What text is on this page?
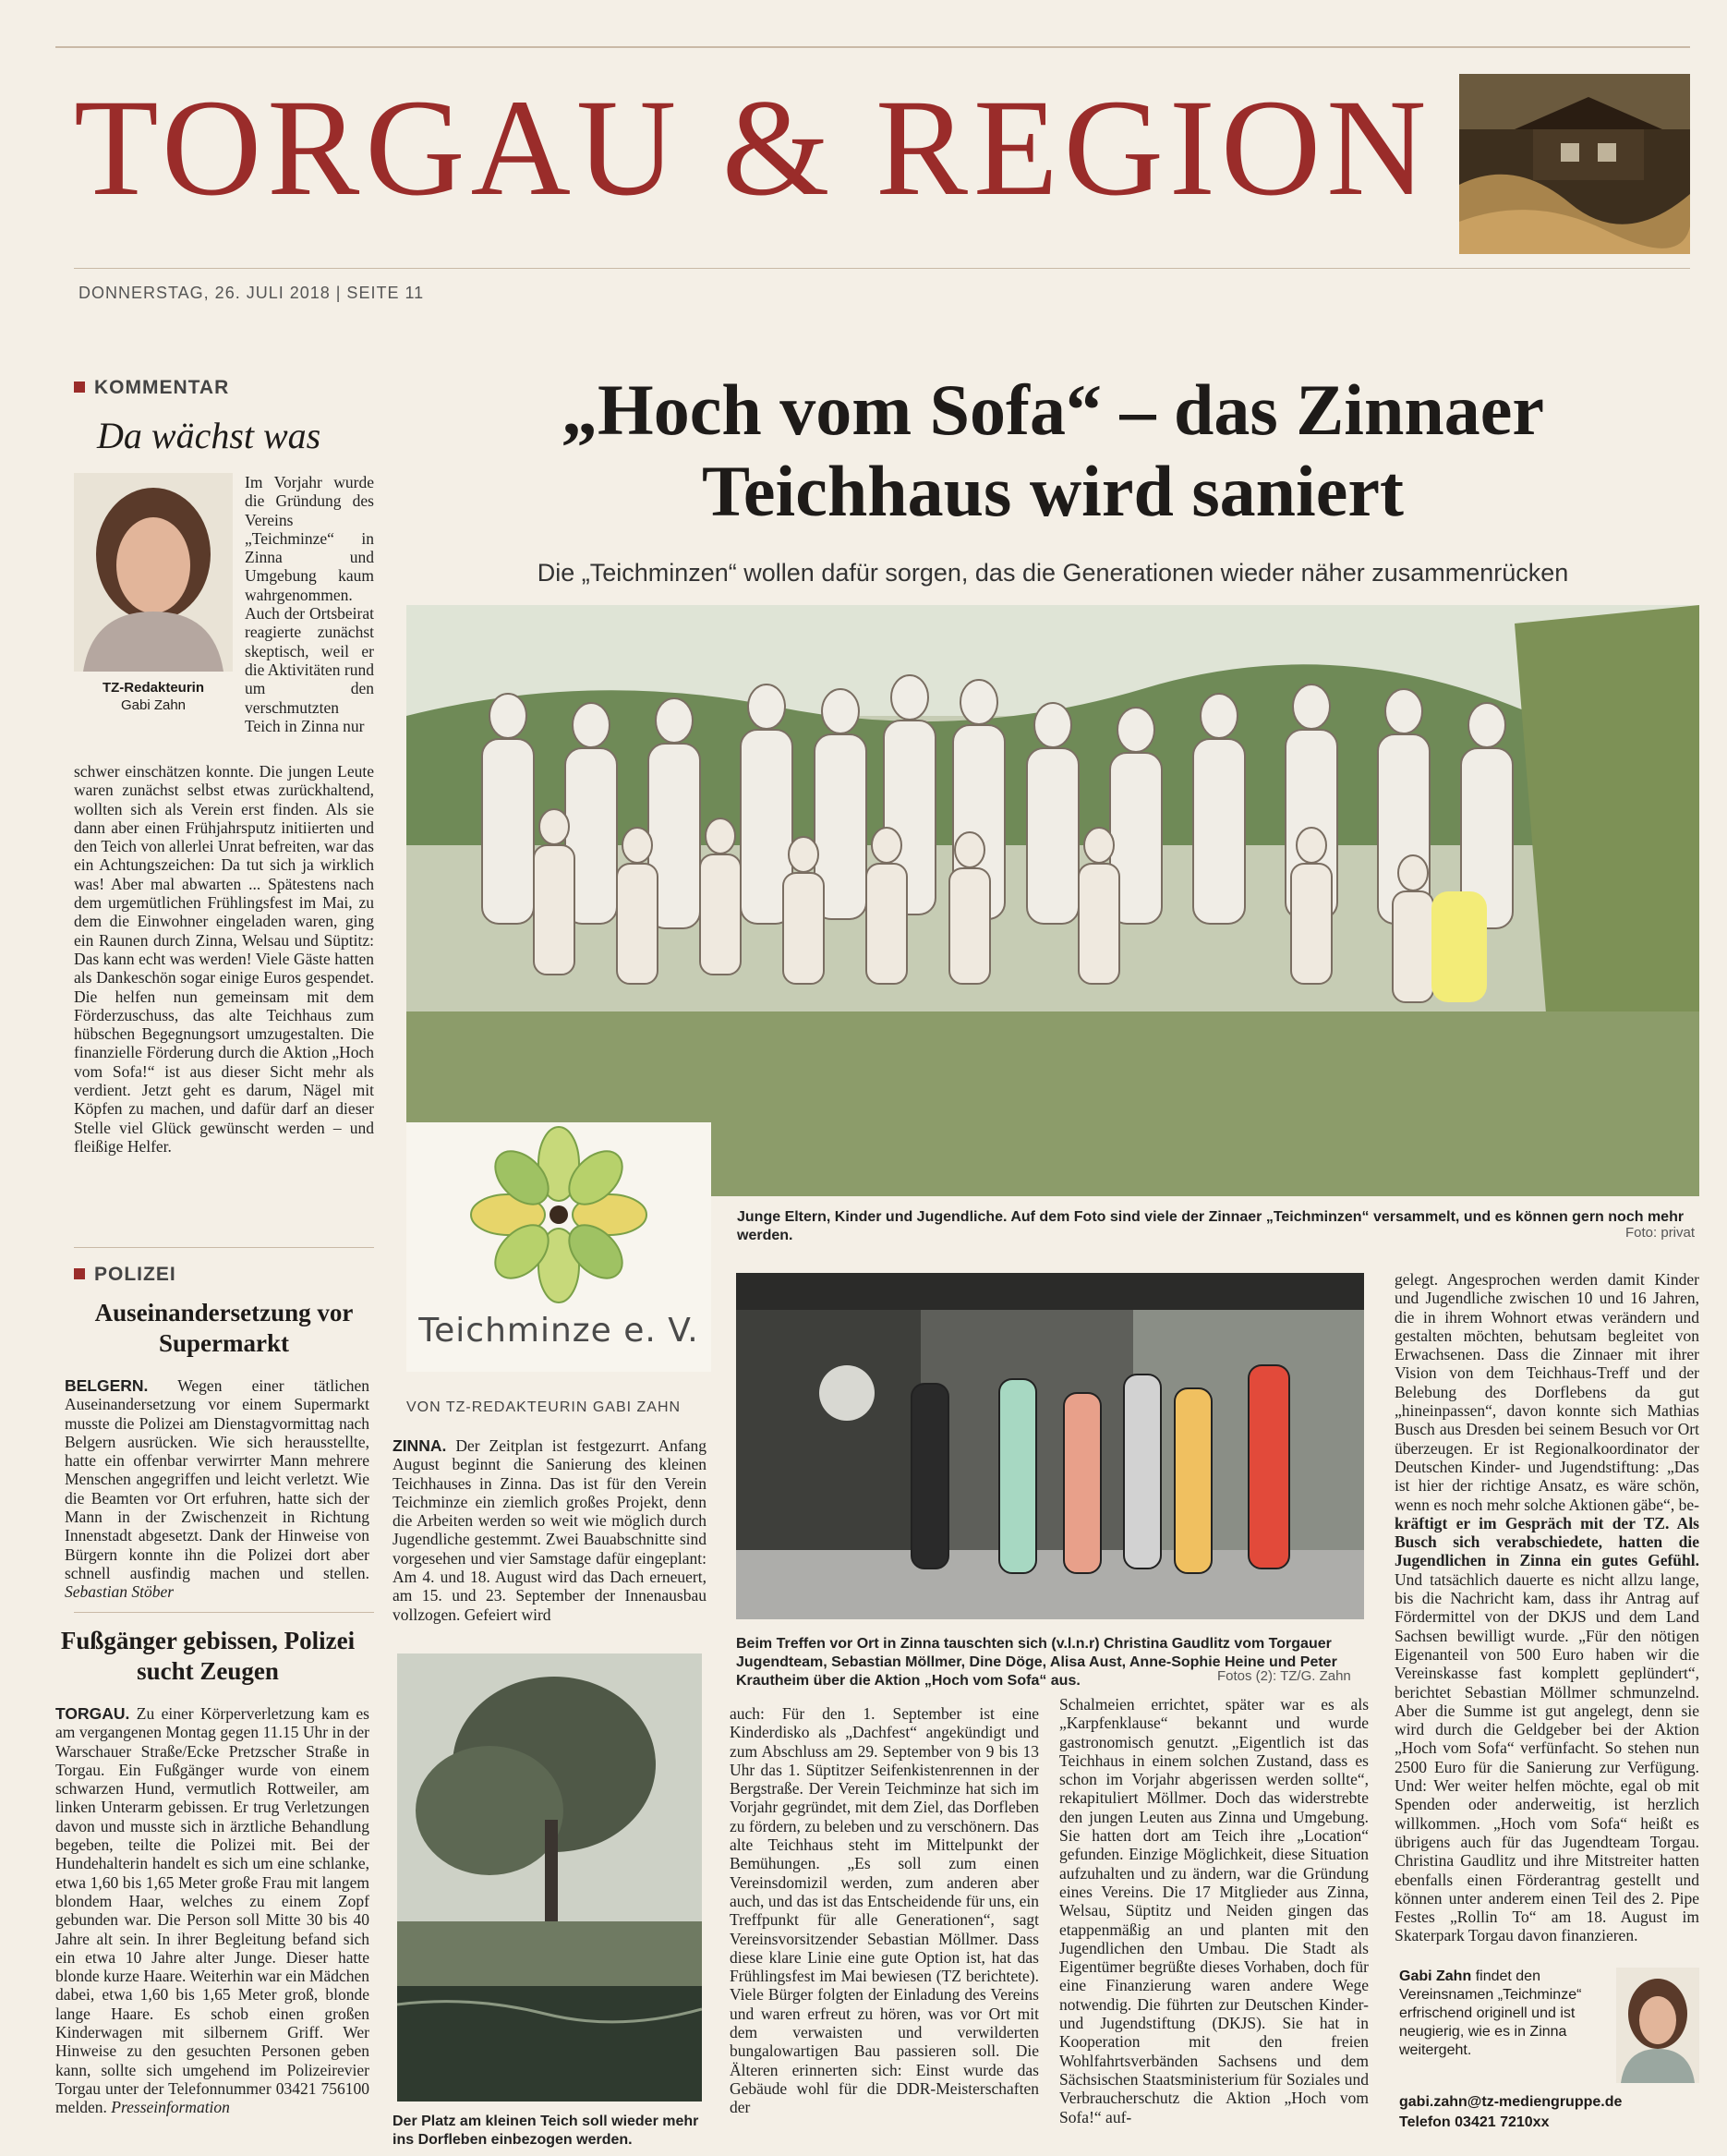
TORGAU & REGION
DONNERSTAG, 26. JULI 2018 | SEITE 11
KOMMENTAR
Da wächst was
TZ-Redakteurin
Gabi Zahn
Im Vorjahr wurde die Gründung des Vereins „Teichminze“ in Zinna und Umgebung kaum wahrgenommen. Auch der Ortsbeirat reagierte zunächst skeptisch, weil er die Aktivitäten rund um den verschmutzten Teich in Zinna nur
schwer einschätzen konnte. Die jungen Leute waren zunächst selbst etwas zurückhaltend, wollten sich als Verein erst finden. Als sie dann aber einen Frühjahrsputz initiierten und den Teich von allerlei Unrat befreiten, war das ein Achtungszeichen: Da tut sich ja wirklich was! Aber mal abwarten ... Spätestens nach dem urgemütlichen Frühlingsfest im Mai, zu dem die Einwohner eingeladen waren, ging ein Raunen durch Zinna, Welsau und Süptitz: Das kann echt was werden! Viele Gäste hatten als Dankeschön sogar einige Euros gespendet. Die helfen nun gemeinsam mit dem Förderzuschuss, das alte Teichhaus zum hübschen Begegnungsort umzugestalten. Die finanzielle Förderung durch die Aktion „Hoch vom Sofa!“ ist aus dieser Sicht mehr als verdient. Jetzt geht es darum, Nägel mit Köpfen zu machen, und dafür darf an dieser Stelle viel Glück gewünscht werden – und fleißige Helfer.
POLIZEI
Auseinandersetzung vor Supermarkt
BELGERN. Wegen einer tätlichen Auseinandersetzung vor einem Supermarkt musste die Polizei am Dienstagvormittag nach Belgern ausrücken. Wie sich herausstellte, hatte ein offenbar verwirrter Mann mehrere Menschen angegriffen und leicht verletzt. Wie die Beamten vor Ort erfuhren, hatte sich der Mann in der Zwischenzeit in Richtung Innenstadt abgesetzt. Dank der Hinweise von Bürgern konnte ihn die Polizei dort aber schnell ausfindig machen und stellen. Sebastian Stöber
Fußgänger gebissen, Polizei sucht Zeugen
TORGAU. Zu einer Körperverletzung kam es am vergangenen Montag gegen 11.15 Uhr in der Warschauer Straße/Ecke Pretzscher Straße in Torgau. Ein Fußgänger wurde von einem schwarzen Hund, vermutlich Rottweiler, am linken Unterarm gebissen. Er trug Verletzungen davon und musste sich in ärztliche Behandlung begeben, teilte die Polizei mit. Bei der Hundehalterin handelt es sich um eine schlanke, etwa 1,60 bis 1,65 Meter große Frau mit langem blondem Haar, welches zu einem Zopf gebunden war. Die Person soll Mitte 30 bis 40 Jahre alt sein. In ihrer Begleitung befand sich ein etwa 10 Jahre alter Junge. Dieser hatte blonde kurze Haare. Weiterhin war ein Mädchen dabei, etwa 1,60 bis 1,65 Meter groß, blonde lange Haare. Es schob einen großen Kinderwagen mit silbernem Griff. Wer Hinweise zu den gesuchten Personen geben kann, sollte sich umgehend im Polizeirevier Torgau unter der Telefonnummer 03421 756100 melden. Presseinformation
„Hoch vom Sofa“ – das Zinnaer
Teichhaus wird saniert
Die „Teichminzen“ wollen dafür sorgen, das die Generationen wieder näher zusammenrücken
Junge Eltern, Kinder und Jugendliche. Auf dem Foto sind viele der Zinnaer „Teichminzen“ versammelt, und es können gern noch mehr werden.	Foto: privat
Teichminze e. V.
VON TZ-REDAKTEURIN GABI ZAHN
ZINNA. Der Zeitplan ist festgezurrt. Anfang August beginnt die Sanierung des kleinen Teichhauses in Zinna. Das ist für den Verein Teichminze ein ziemlich großes Projekt, denn die Arbeiten werden so weit wie möglich durch Jugendliche gestemmt. Zwei Bauabschnitte sind vorgesehen und vier Samstage dafür eingeplant: Am 4. und 18. August wird das Dach erneuert, am 15. und 23. September der Innenausbau vollzogen. Gefeiert wird
Der Platz am kleinen Teich soll wieder mehr ins Dorfleben einbezogen werden.
Beim Treffen vor Ort in Zinna tauschten sich (v.l.n.r) Christina Gaudlitz vom Torgauer Jugendteam, Sebastian Möllmer, Dine Döge, Alisa Aust, Anne-Sophie Heine und Peter Krautheim über die Aktion „Hoch vom Sofa“ aus.	Fotos (2): TZ/G. Zahn
auch: Für den 1. September ist eine Kinderdisko als „Dachfest“ angekündigt und zum Abschluss am 29. September von 9 bis 13 Uhr das 1. Süptitzer Seifenkistenrennen in der Bergstraße. Der Verein Teichminze hat sich im Vorjahr gegründet, mit dem Ziel, das Dorfleben zu fördern, zu beleben und zu verschönern. Das alte Teichhaus steht im Mittelpunkt der Bemühungen. „Es soll zum einen Vereinsdomizil werden, zum anderen aber auch, und das ist das Entscheidende für uns, ein Treffpunkt für alle Generationen“, sagt Vereinsvorsitzender Sebastian Möllmer. Dass diese klare Linie eine gute Option ist, hat das Frühlingsfest im Mai bewiesen (TZ berichtete). Viele Bürger folgten der Einladung des Vereins und waren erfreut zu hören, was vor Ort mit dem verwaisten und verwilderten bungalowartigen Bau passieren soll. Die Älteren erinnerten sich: Einst wurde das Gebäude wohl für die DDR-Meisterschaften der
Schalmeien errichtet, später war es als „Karpfenklause“ bekannt und wurde gastronomisch genutzt. „Eigentlich ist das Teichhaus in einem solchen Zustand, dass es schon im Vorjahr abgerissen werden sollte“, rekapituliert Möllmer. Doch das widerstrebte den jungen Leuten aus Zinna und Umgebung. Sie hatten dort am Teich ihre „Location“ gefunden. Einzige Möglichkeit, diese Situation aufzuhalten und zu ändern, war die Gründung eines Vereins. Die 17 Mitglieder aus Zinna, Welsau, Süptitz und Neiden gingen das etappenmäßig an und planten mit den Jugendlichen den Umbau. Die Stadt als Eigentümer begrüßte dieses Vorhaben, doch für eine Finanzierung waren andere Wege notwendig. Die führten zur Deutschen Kinder- und Jugendstiftung (DKJS). Sie hat in Kooperation mit den freien Wohlfahrtsverbänden Sachsens und dem Sächsischen Staatsministerium für Soziales und Verbraucherschutz die Aktion „Hoch vom Sofa!“ auf-
gelegt. Angesprochen werden damit Kinder und Jugendliche zwischen 10 und 16 Jahren, die in ihrem Wohnort etwas verändern und gestalten möchten, behutsam begleitet von Erwachsenen. Dass die Zinnaer mit ihrer Vision von dem Teichhaus-Treff und der Belebung des Dorflebens da gut „hineinpassen“, davon konnte sich Mathias Busch aus Dresden bei seinem Besuch vor Ort überzeugen. Er ist Regionalkoordinator der Deutschen Kinder- und Jugendstiftung: „Das ist hier der richtige Ansatz, es wäre schön, wenn es noch mehr solche Aktionen gäbe“, be- kräftigt er im Gespräch mit der TZ. Als Busch sich verabschiedete, hatten die Jugendlichen in Zinna ein gutes Gefühl. Und tatsächlich dauerte es nicht allzu lange, bis die Nachricht kam, dass ihr Antrag auf Fördermittel von der DKJS und dem Land Sachsen bewilligt wurde. „Für den nötigen Eigenanteil von 500 Euro haben wir die Vereinskasse fast komplett geplündert“, berichtet Sebastian Möllmer schmunzelnd. Aber die Summe ist gut angelegt, denn sie wird durch die Geldgeber bei der Aktion „Hoch vom Sofa“ verfünfacht. So stehen nun 2500 Euro für die Sanierung zur Verfügung. Und: Wer weiter helfen möchte, egal ob mit Spenden oder anderweitig, ist herzlich willkommen. „Hoch vom Sofa“ heißt es übrigens auch für das Jugendteam Torgau. Christina Gaudlitz und ihre Mitstreiter hatten ebenfalls einen Förderantrag gestellt und können unter anderem einen Teil des 2. Pipe Festes „Rollin To“ am 18. August im Skaterpark Torgau davon finanzieren.
Gabi Zahn findet den Vereinsnamen „Teichminze“ erfrischend originell und ist neugierig, wie es in Zinna weitergeht.
gabi.zahn@tz-mediengruppe.de
Telefon 03421 7210xx
